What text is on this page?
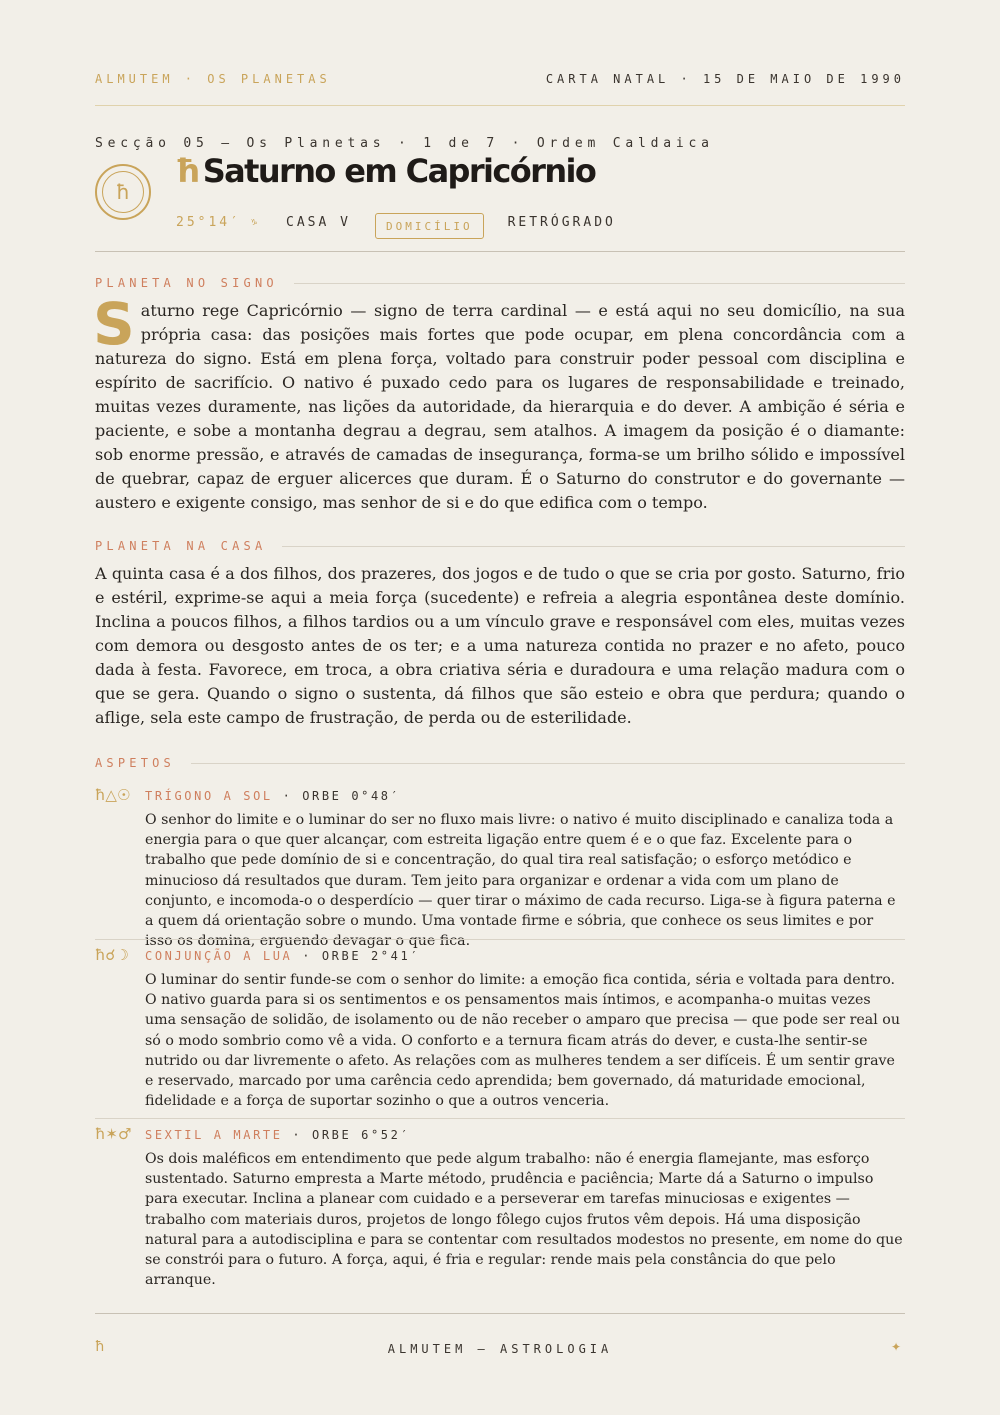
ALMUTEM · OS PLANETAS	CARTA NATAL · 15 DE MAIO DE 1990
Secção 05 — Os Planetas · 1 de 7 · Ordem Caldaica
ħ
ħ Saturno em Capricórnio
25°14′ ♑ CASA V	DOMICÍLIO	RETRÓGRADO
PLANETA NO SIGNO

Saturno rege Capricórnio — signo de terra cardinal — e está aqui no seu domicílio, na sua própria casa: das posições mais fortes que pode ocupar, em plena concordância com a natureza do signo. Está em plena força, voltado para construir poder pessoal com disciplina e espírito de sacrifício. O nativo é puxado cedo para os lugares de responsabilidade e treinado, muitas vezes duramente, nas lições da autoridade, da hierarquia e do dever. A ambição é séria e paciente, e sobe a montanha degrau a degrau, sem atalhos. A imagem da posição é o diamante: sob enorme pressão, e através de camadas de insegurança, forma-se um brilho sólido e impossível de quebrar, capaz de erguer alicerces que duram. É o Saturno do construtor e do governante — austero e exigente consigo, mas senhor de si e do que edifica com o tempo.

PLANETA NA CASA

A quinta casa é a dos filhos, dos prazeres, dos jogos e de tudo o que se cria por gosto. Saturno, frio e estéril, exprime-se aqui a meia força (sucedente) e refreia a alegria espontânea deste domínio. Inclina a poucos filhos, a filhos tardios ou a um vínculo grave e responsável com eles, muitas vezes com demora ou desgosto antes de os ter; e a uma natureza contida no prazer e no afeto, pouco dada à festa. Favorece, em troca, a obra criativa séria e duradoura e uma relação madura com o que se gera. Quando o signo o sustenta, dá filhos que são esteio e obra que perdura; quando o aflige, sela este campo de frustração, de perda ou de esterilidade.

ASPETOS
ħ△☉	TRÍGONO A SOL · ORBE 0°48′

O senhor do limite e o luminar do ser no fluxo mais livre: o nativo é muito disciplinado e canaliza toda a energia para o que quer alcançar, com estreita ligação entre quem é e o que faz. Excelente para o trabalho que pede domínio de si e concentração, do qual tira real satisfação; o esforço metódico e minucioso dá resultados que duram. Tem jeito para organizar e ordenar a vida com um plano de conjunto, e incomoda-o o desperdício — quer tirar o máximo de cada recurso. Liga-se à figura paterna e a quem dá orientação sobre o mundo. Uma vontade firme e sóbria, que conhece os seus limites e por isso os domina, erguendo devagar o que fica.

ħ☌☽	CONJUNÇÃO A LUA · ORBE 2°41′

O luminar do sentir funde-se com o senhor do limite: a emoção fica contida, séria e voltada para dentro. O nativo guarda para si os sentimentos e os pensamentos mais íntimos, e acompanha-o muitas vezes uma sensação de solidão, de isolamento ou de não receber o amparo que precisa — que pode ser real ou só o modo sombrio como vê a vida. O conforto e a ternura ficam atrás do dever, e custa-lhe sentir-se nutrido ou dar livremente o afeto. As relações com as mulheres tendem a ser difíceis. É um sentir grave e reservado, marcado por uma carência cedo aprendida; bem governado, dá maturidade emocional, fidelidade e a força de suportar sozinho o que a outros venceria.

ħ✶♂	SEXTIL A MARTE · ORBE 6°52′

Os dois maléficos em entendimento que pede algum trabalho: não é energia flamejante, mas esforço sustentado. Saturno empresta a Marte método, prudência e paciência; Marte dá a Saturno o impulso para executar. Inclina a planear com cuidado e a perseverar em tarefas minuciosas e exigentes — trabalho com materiais duros, projetos de longo fôlego cujos frutos vêm depois. Há uma disposição natural para a autodisciplina e para se contentar com resultados modestos no presente, em nome do que se constrói para o futuro. A força, aqui, é fria e regular: rende mais pela constância do que pelo arranque.

ħ	ALMUTEM — ASTROLOGIA	✦
